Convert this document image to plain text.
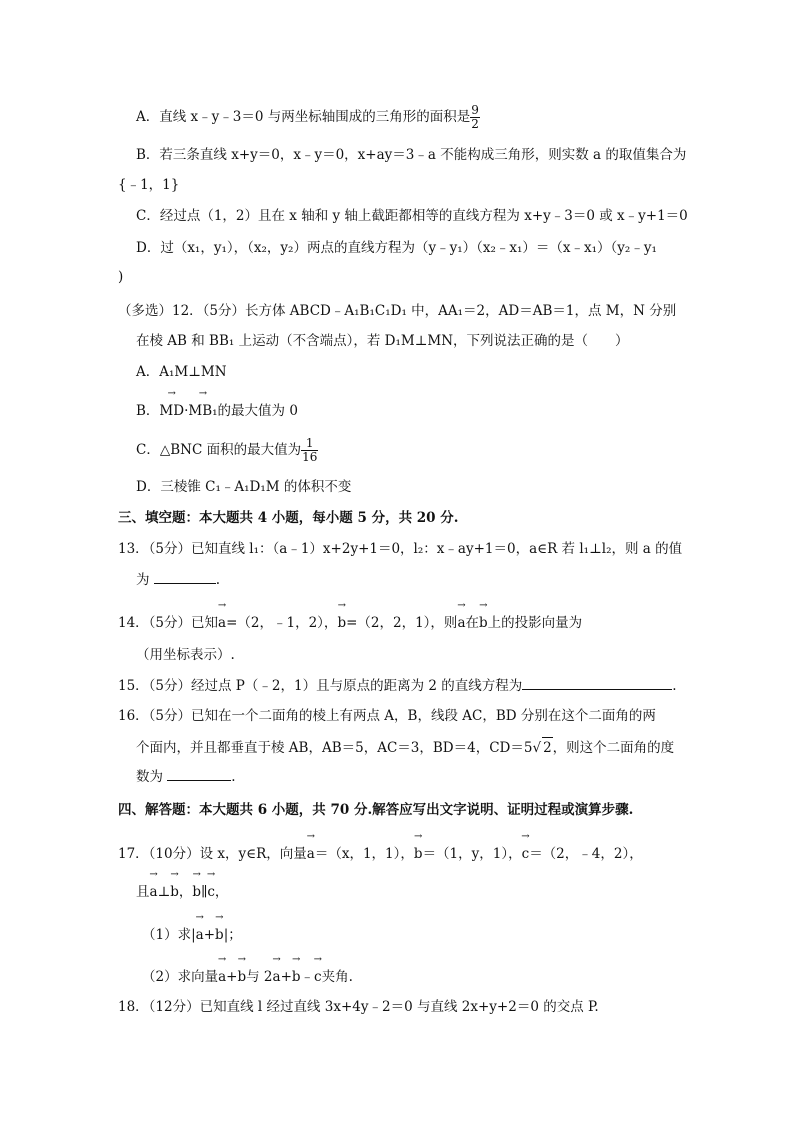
A．直线 x﹣y﹣3＝0 与两坐标轴围成的三角形的面积是 $\frac{9}{2}$
B．若三条直线 x+y＝0，x﹣y＝0，x+ay＝3﹣a 不能构成三角形，则实数 a 的取值集合为
{﹣1，1}
C．经过点（1，2）且在 x 轴和 y 轴上截距都相等的直线方程为 x+y﹣3＝0 或 x﹣y+1＝0
D．过（x₁，y₁），（x₂，y₂）两点的直线方程为（y﹣y₁）（x₂﹣x₁）＝（x﹣x₁）（y₂﹣y₁
)
（多选）12．（5分）长方体 ABCD﹣A₁B₁C₁D₁ 中，AA₁＝2，AD＝AB＝1，点 M，N 分别
在棱 AB 和 BB₁ 上运动（不含端点），若 D₁M⊥MN，下列说法正确的是（　　）
A．A₁M⊥MN
B．→ MD·→ MB₁的最大值为 0
C．△BNC 面积的最大值为 $\frac{1}{16}$
D．三棱锥 C₁﹣A₁D₁M 的体积不变
三、填空题：本大题共 4 小题，每小题 5 分，共 20 分.
13．（5分）已知直线 l₁：（a﹣1）x+2y+1＝0，l₂：x﹣ay+1＝0，a∈R 若 l₁⊥l₂，则 a 的值
为	.
14．（5分）已知→ a=（2，﹣1，2），→ b=（2，2，1），则→ a在→ b上的投影向量为
（用坐标表示）.
15．（5分）经过点 P（﹣2，1）且与原点的距离为 2 的直线方程为	.
16．（5分）已知在一个二面角的棱上有两点 A，B，线段 AC，BD 分别在这个二面角的两
个面内，并且都垂直于棱 AB，AB＝5，AC＝3，BD＝4，CD＝5√ 2，则这个二面角的度
数为	.
四、解答题：本大题共 6 小题，共 70 分.解答应写出文字说明、证明过程或演算步骤.
17．（10分）设 x，y∈R，向量→ a＝（x，1，1），→ b＝（1，y，1），→ c＝（2，﹣4，2），
且→ a⊥→ b，→ b∥→ c，
（1）求|→ a+→ b|；
（2）求向量→ a+→ b与 2→ a+→ b﹣→ c夹角.
18．（12分）已知直线 l 经过直线 3x+4y﹣2＝0 与直线 2x+y+2＝0 的交点 P.
